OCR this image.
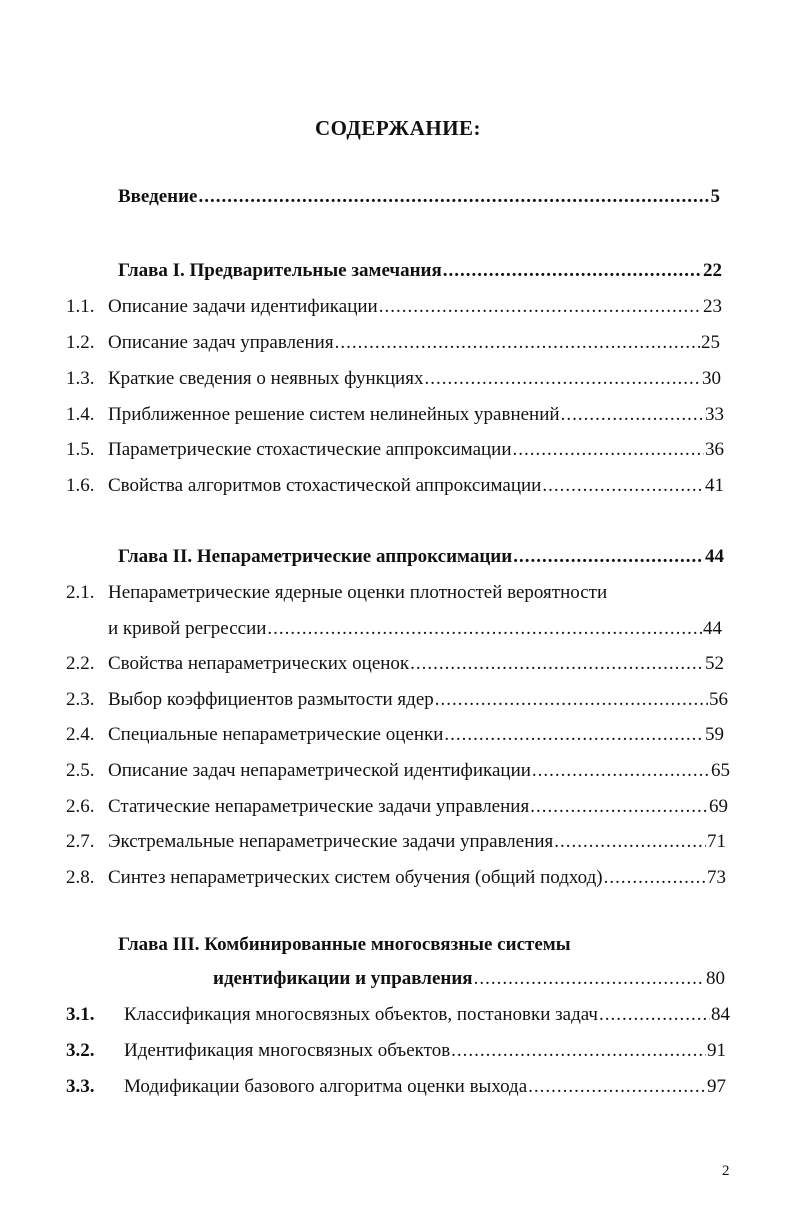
СОДЕРЖАНИЕ:
Введение .....	5
Глава I. Предварительные замечания .....	22
1.1. Описание задачи идентификации .....	23
1.2. Описание задач управления .....	25
1.3. Краткие сведения о неявных функциях .....	30
1.4. Приближенное решение систем нелинейных уравнений .....	33
1.5. Параметрические стохастические аппроксимации .....	36
1.6. Свойства алгоритмов стохастической аппроксимации .....	41
Глава II. Непараметрические аппроксимации .....	44
2.1. Непараметрические ядерные оценки плотностей вероятности
и кривой регрессии .....	44
2.2. Свойства непараметрических оценок .....	52
2.3. Выбор коэффициентов размытости ядер .....	56
2.4. Специальные непараметрические оценки .....	59
2.5. Описание задач непараметрической идентификации .....	65
2.6. Статические непараметрические задачи управления .....	69
2.7. Экстремальные непараметрические задачи управления .....	71
2.8. Синтез непараметрических систем обучения (общий подход) .....	73
Глава III. Комбинированные многосвязные системы
идентификации и управления .....	80
3.1.	Классификация многосвязных объектов, постановки задач .....	84
3.2.	Идентификация многосвязных объектов .....	91
3.3.	Модификации базового алгоритма оценки выхода .....	97
2
